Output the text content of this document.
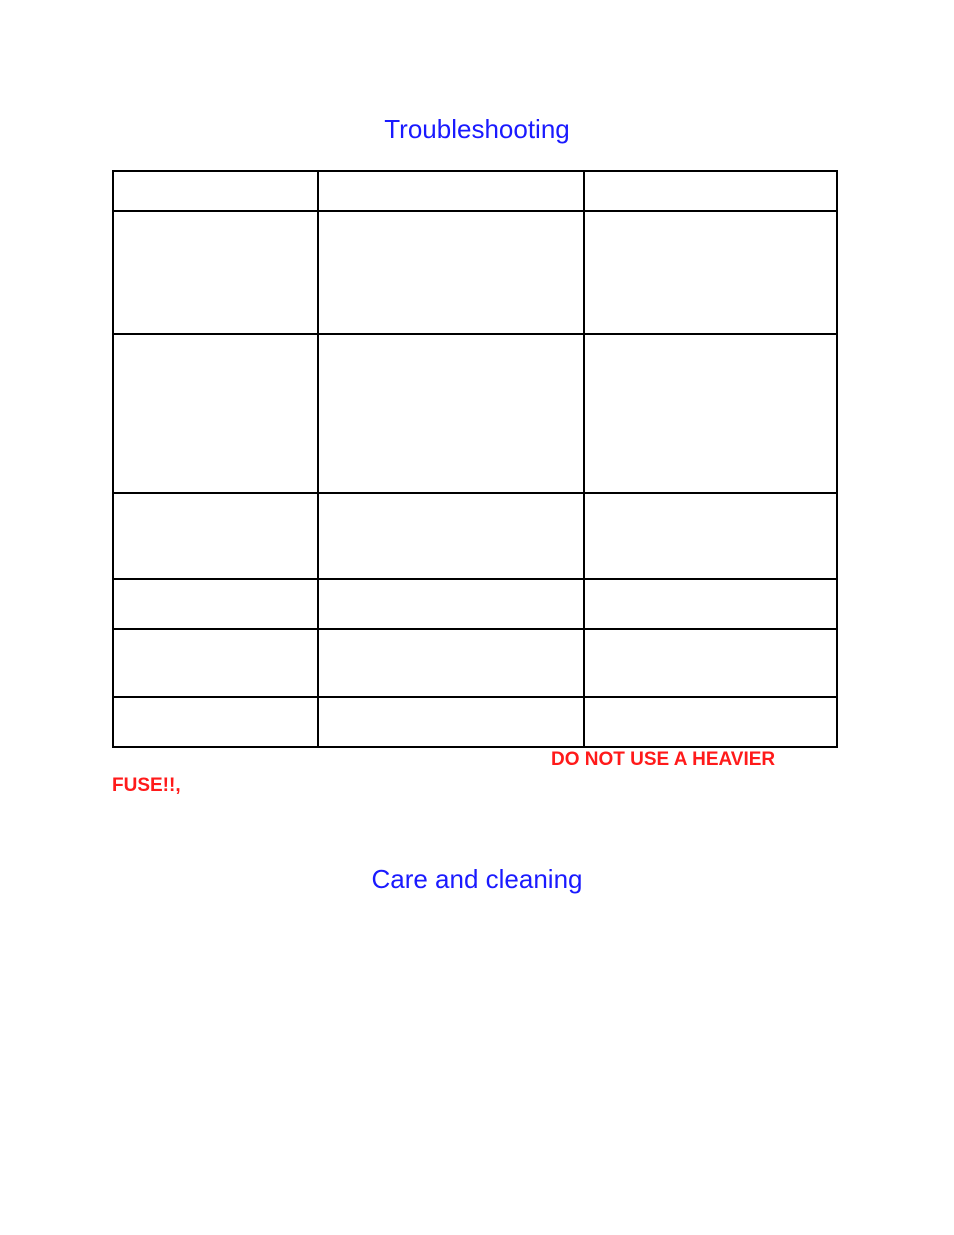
Troubleshooting

DO NOT USE A HEAVIER

FUSE!!,

Care and cleaning
